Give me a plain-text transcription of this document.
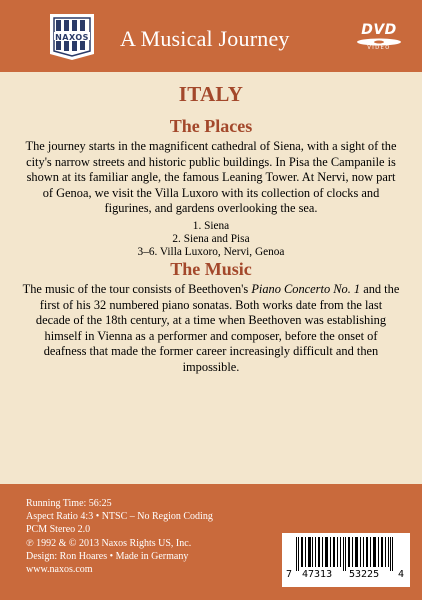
NAXOS	A Musical Journey	DVD
VIDEO
ITALY
The Places
The journey starts in the magnificent cathedral of Siena, with a sight of the city's narrow streets and historic public buildings. In Pisa the Campanile is shown at its familiar angle, the famous Leaning Tower. At Nervi, now part of Genoa, we visit the Villa Luxoro with its collection of clocks and figurines, and gardens overlooking the sea.
1. Siena
2. Siena and Pisa
3–6. Villa Luxoro, Nervi, Genoa
The Music
The music of the tour consists of Beethoven's Piano Concerto No. 1 and the first of his 32 numbered piano sonatas. Both works date from the last decade of the 18th century, at a time when Beethoven was establishing himself in Vienna as a performer and composer, before the onset of deafness that made the former career increasingly difficult and then impossible.
Running Time: 56:25
Aspect Ratio 4:3 • NTSC – No Region Coding
PCM Stereo 2.0
℗ 1992 & © 2013 Naxos Rights US, Inc.
Design: Ron Hoares • Made in Germany
www.naxos.com	7 47313 53225 4
